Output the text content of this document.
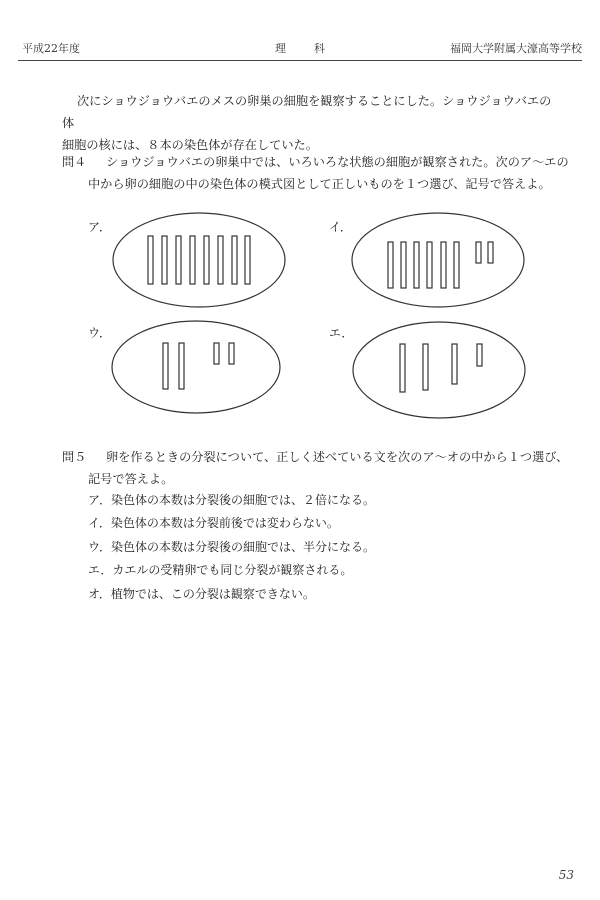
平成22年度	理科	福岡大学附属大濠高等学校

次にショウジョウバエのメスの卵巣の細胞を観察することにした。ショウジョウバエの体

細胞の核には、８本の染色体が存在していた。
問４ ショウジョウバエの卵巣中では、いろいろな状態の細胞が観察された。次のア～エの
中から卵の細胞の中の染色体の模式図として正しいものを１つ選び、記号で答えよ。
ア．	イ．
ウ．	エ．
問５ 卵を作るときの分裂について、正しく述べている文を次のア～オの中から１つ選び、
記号で答えよ。
ア．染色体の本数は分裂後の細胞では、２倍になる。
イ．染色体の本数は分裂前後では変わらない。
ウ．染色体の本数は分裂後の細胞では、半分になる。
エ．カエルの受精卵でも同じ分裂が観察される。
オ．植物では、この分裂は観察できない。
53
